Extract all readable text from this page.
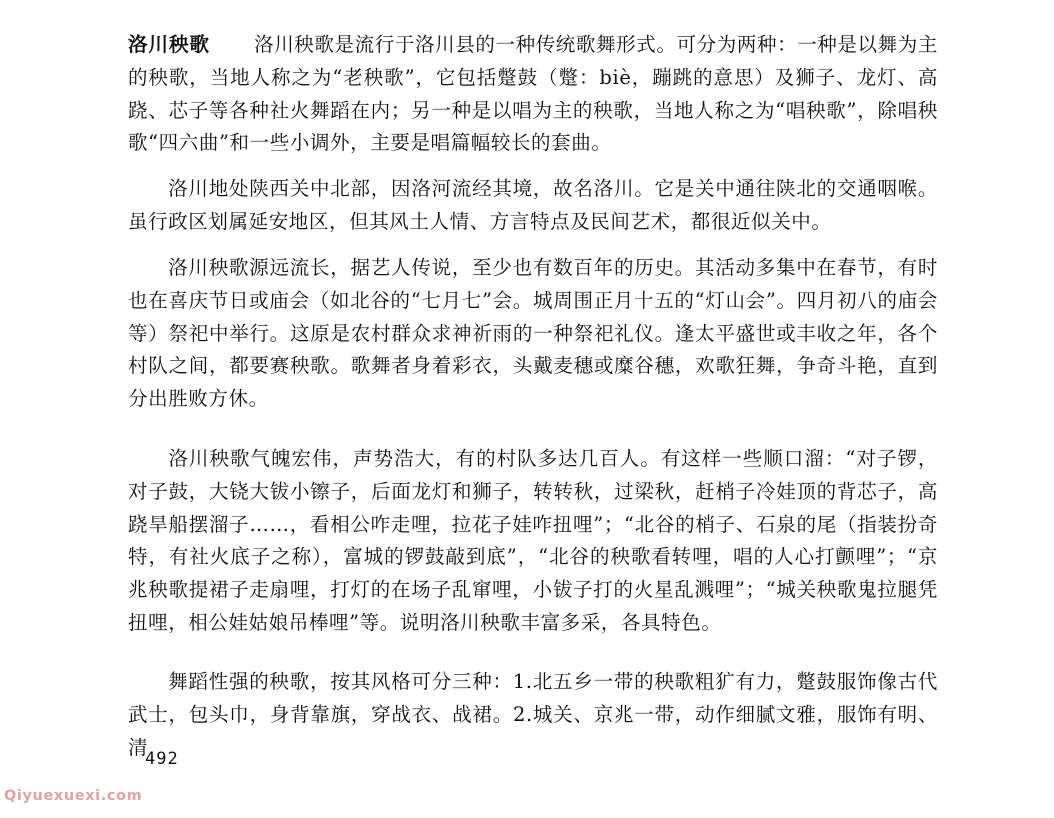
洛川秧歌 洛川秧歌是流行于洛川县的一种传统歌舞形式。可分为两种：一种是以舞为主的秧歌，当地人称之为“老秧歌”，它包括蹩鼓（蹩：biè，蹦跳的意思）及狮子、龙灯、高跷、芯子等各种社火舞蹈在内；另一种是以唱为主的秧歌，当地人称之为“唱秧歌”，除唱秧歌“四六曲”和一些小调外，主要是唱篇幅较长的套曲。

洛川地处陕西关中北部，因洛河流经其境，故名洛川。它是关中通往陕北的交通咽喉。虽行政区划属延安地区，但其风土人情、方言特点及民间艺术，都很近似关中。

洛川秧歌源远流长，据艺人传说，至少也有数百年的历史。其活动多集中在春节，有时也在喜庆节日或庙会（如北谷的“七月七”会。城周围正月十五的“灯山会”。四月初八的庙会等）祭祀中举行。这原是农村群众求神祈雨的一种祭祀礼仪。逢太平盛世或丰收之年，各个村队之间，都要赛秧歌。歌舞者身着彩衣，头戴麦穗或糜谷穗，欢歌狂舞，争奇斗艳，直到分出胜败方休。

洛川秧歌气魄宏伟，声势浩大，有的村队多达几百人。有这样一些顺口溜：“对子锣，对子鼓，大铙大钹小镲子，后面龙灯和狮子，转转秋，过梁秋，赶梢子冷娃顶的背芯子，高跷旱船摆溜子……，看相公咋走哩，拉花子娃咋扭哩”；“北谷的梢子、石泉的尾（指装扮奇特，有社火底子之称），富城的锣鼓敲到底”，“北谷的秧歌看转哩，唱的人心打颤哩”；“京兆秧歌提裙子走扇哩，打灯的在场子乱窜哩，小钹子打的火星乱溅哩”；“城关秧歌鬼拉腿凭扭哩，相公娃姑娘吊棒哩”等。说明洛川秧歌丰富多采，各具特色。

舞蹈性强的秧歌，按其风格可分三种：1.北五乡一带的秧歌粗犷有力，蹩鼓服饰像古代武士，包头巾，身背靠旗，穿战衣、战裙。2.城关、京兆一带，动作细腻文雅，服饰有明、清

492
Qiyuexuexi.com
